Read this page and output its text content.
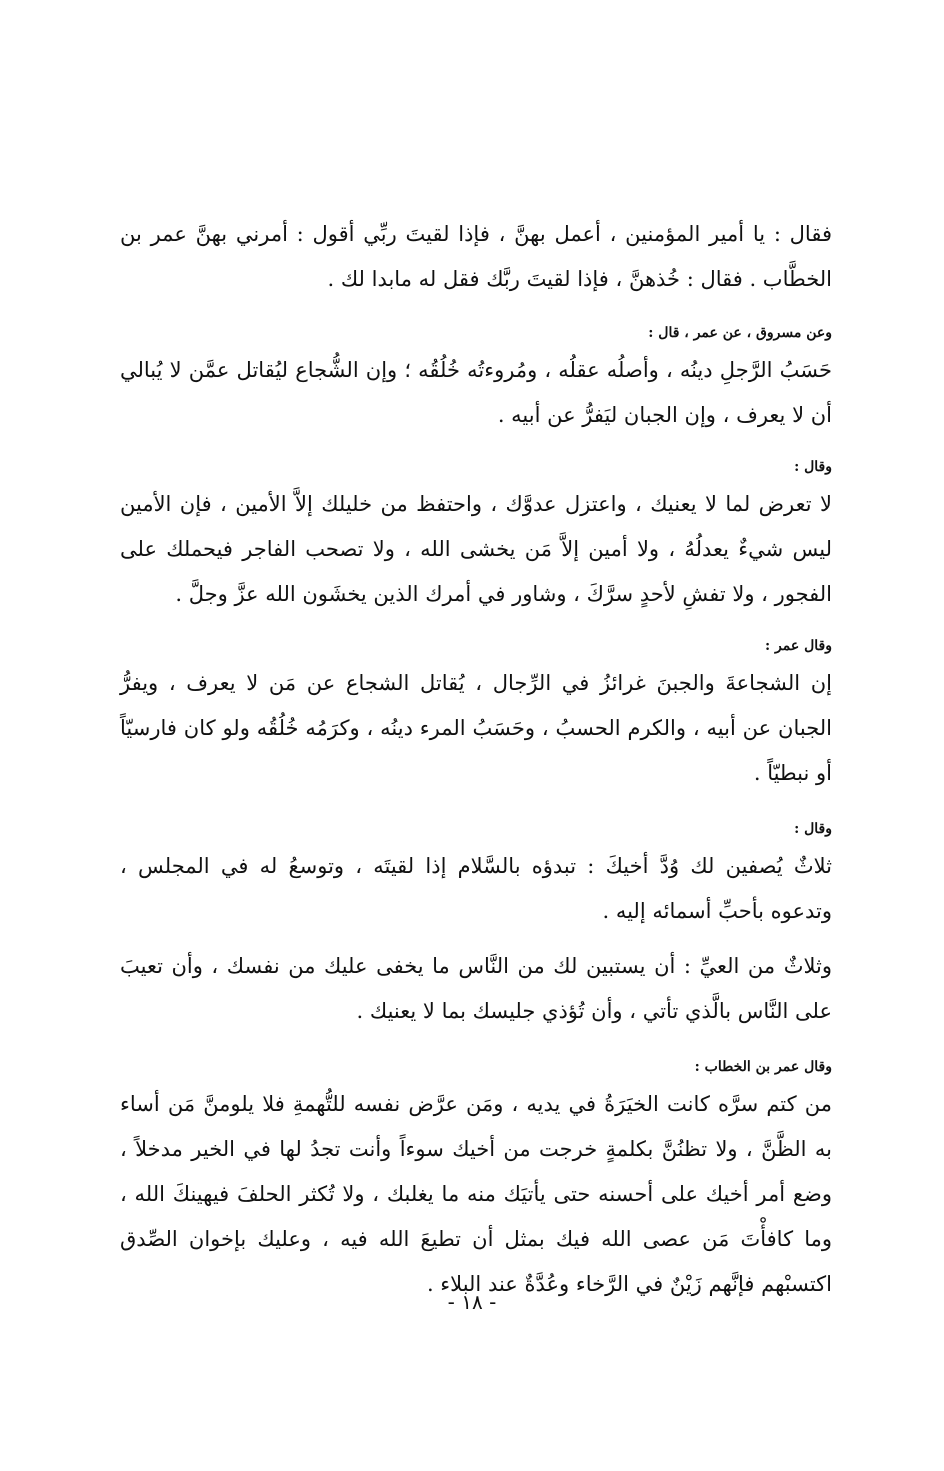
فقال : يا أمير المؤمنين ، أعمل بهنَّ ، فإذا لقيتَ ربِّي أقول : أمرني بهنَّ عمر بن الخطَّاب . فقال : خُذهنَّ ، فإذا لقيتَ ربَّك فقل له مابدا لك .

وعن مسروق ، عن عمر ، قال :

حَسَبُ الرَّجلِ دينُه ، وأصلُه عقلُه ، ومُروءتُه خُلُقُه ؛ وإن الشُّجاع ليُقاتل عمَّن لا يُبالي أن لا يعرف ، وإن الجبان ليَفرُّ عن أبيه .

وقال :

لا تعرض لما لا يعنيك ، واعتزل عدوَّك ، واحتفظ من خليلك إلاَّ الأمين ، فإن الأمين ليس شيءٌ يعدلُهُ ، ولا أمين إلاَّ مَن يخشى الله ، ولا تصحب الفاجر فيحملك على الفجور ، ولا تفشِ لأحدٍ سرَّكَ ، وشاور في أمرك الذين يخشَون الله عزَّ وجلَّ .

وقال عمر :

إن الشجاعةَ والجبنَ غرائزُ في الرِّجال ، يُقاتل الشجاع عن مَن لا يعرف ، ويفرُّ الجبان عن أبيه ، والكرم الحسبُ ، وحَسَبُ المرء دينُه ، وكرَمُه خُلُقُه ولو كان فارسيّاً أو نبطيّاً .

وقال :

ثلاثٌ يُصفين لك وُدَّ أخيكَ : تبدؤه بالسَّلام إذا لقيتَه ، وتوسعُ له في المجلس ، وتدعوه بأحبِّ أسمائه إليه .

وثلاثٌ من العيِّ : أن يستبين لك من النَّاس ما يخفى عليك من نفسك ، وأن تعيبَ على النَّاس بالَّذي تأتي ، وأن تُؤذي جليسك بما لا يعنيك .

وقال عمر بن الخطاب :

من كتم سرَّه كانت الخيَرَةُ في يديه ، ومَن عرَّض نفسه للتُّهمةِ فلا يلومنَّ مَن أساء به الظَّنَّ ، ولا تظنُنَّ بكلمةٍ خرجت من أخيك سوءاً وأنت تجدُ لها في الخير مدخلاً ، وضع أمر أخيك على أحسنه حتى يأتيَك منه ما يغلبك ، ولا تُكثر الحلفَ فيهينكَ الله ، وما كافأْتَ مَن عصى الله فيك بمثل أن تطيعَ الله فيه ، وعليك بإخوان الصِّدق اكتسبْهم فإنَّهم زَيْنٌ في الرَّخاء وعُدَّةٌ عند البلاء .

- ١٨ -
